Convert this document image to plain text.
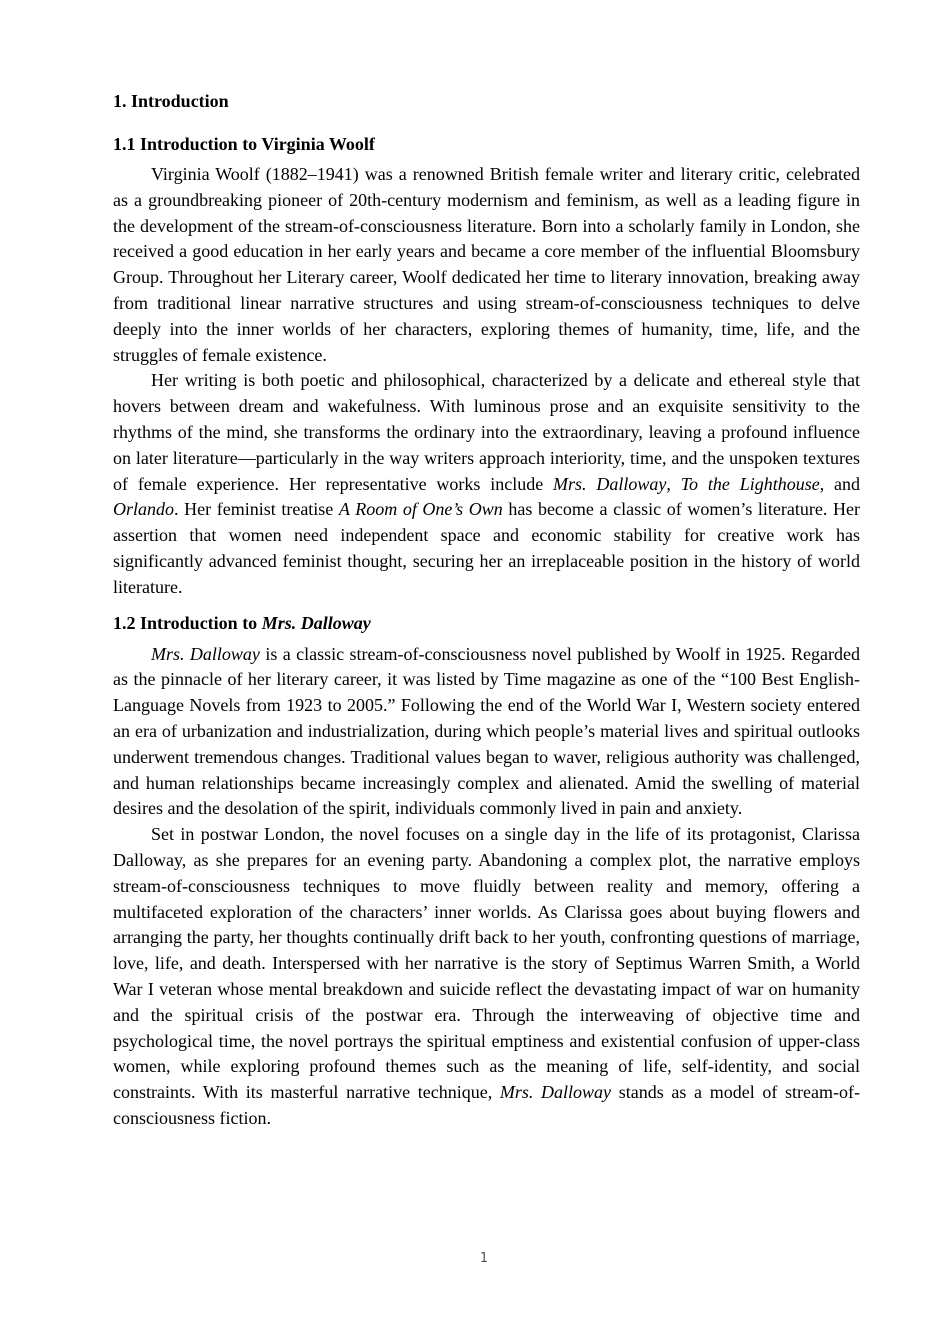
1. Introduction
1.1 Introduction to Virginia Woolf

Virginia Woolf (1882–1941) was a renowned British female writer and literary critic, celebrated as a groundbreaking pioneer of 20th-century modernism and feminism, as well as a leading figure in the development of the stream-of-consciousness literature. Born into a scholarly family in London, she received a good education in her early years and became a core member of the influential Bloomsbury Group. Throughout her Literary career, Woolf dedicated her time to literary innovation, breaking away from traditional linear narrative structures and using stream-of-consciousness techniques to delve deeply into the inner worlds of her characters, exploring themes of humanity, time, life, and the struggles of female existence.

Her writing is both poetic and philosophical, characterized by a delicate and ethereal style that hovers between dream and wakefulness. With luminous prose and an exquisite sensitivity to the rhythms of the mind, she transforms the ordinary into the extraordinary, leaving a profound influence on later literature—particularly in the way writers approach interiority, time, and the unspoken textures of female experience. Her representative works include Mrs. Dalloway, To the Lighthouse, and Orlando. Her feminist treatise A Room of One’s Own has become a classic of women’s literature. Her assertion that women need independent space and economic stability for creative work has significantly advanced feminist thought, securing her an irreplaceable position in the history of world literature.

1.2 Introduction to Mrs. Dalloway

Mrs. Dalloway is a classic stream-of-consciousness novel published by Woolf in 1925. Regarded as the pinnacle of her literary career, it was listed by Time magazine as one of the “100 Best English-Language Novels from 1923 to 2005.” Following the end of the World War I, Western society entered an era of urbanization and industrialization, during which people’s material lives and spiritual outlooks underwent tremendous changes. Traditional values began to waver, religious authority was challenged, and human relationships became increasingly complex and alienated. Amid the swelling of material desires and the desolation of the spirit, individuals commonly lived in pain and anxiety.

Set in postwar London, the novel focuses on a single day in the life of its protagonist, Clarissa Dalloway, as she prepares for an evening party. Abandoning a complex plot, the narrative employs stream-of-consciousness techniques to move fluidly between reality and memory, offering a multifaceted exploration of the characters’ inner worlds. As Clarissa goes about buying flowers and arranging the party, her thoughts continually drift back to her youth, confronting questions of marriage, love, life, and death. Interspersed with her narrative is the story of Septimus Warren Smith, a World War I veteran whose mental breakdown and suicide reflect the devastating impact of war on humanity and the spiritual crisis of the postwar era. Through the interweaving of objective time and psychological time, the novel portrays the spiritual emptiness and existential confusion of upper-class women, while exploring profound themes such as the meaning of life, self-identity, and social constraints. With its masterful narrative technique, Mrs. Dalloway stands as a model of stream-of-consciousness fiction.

1
